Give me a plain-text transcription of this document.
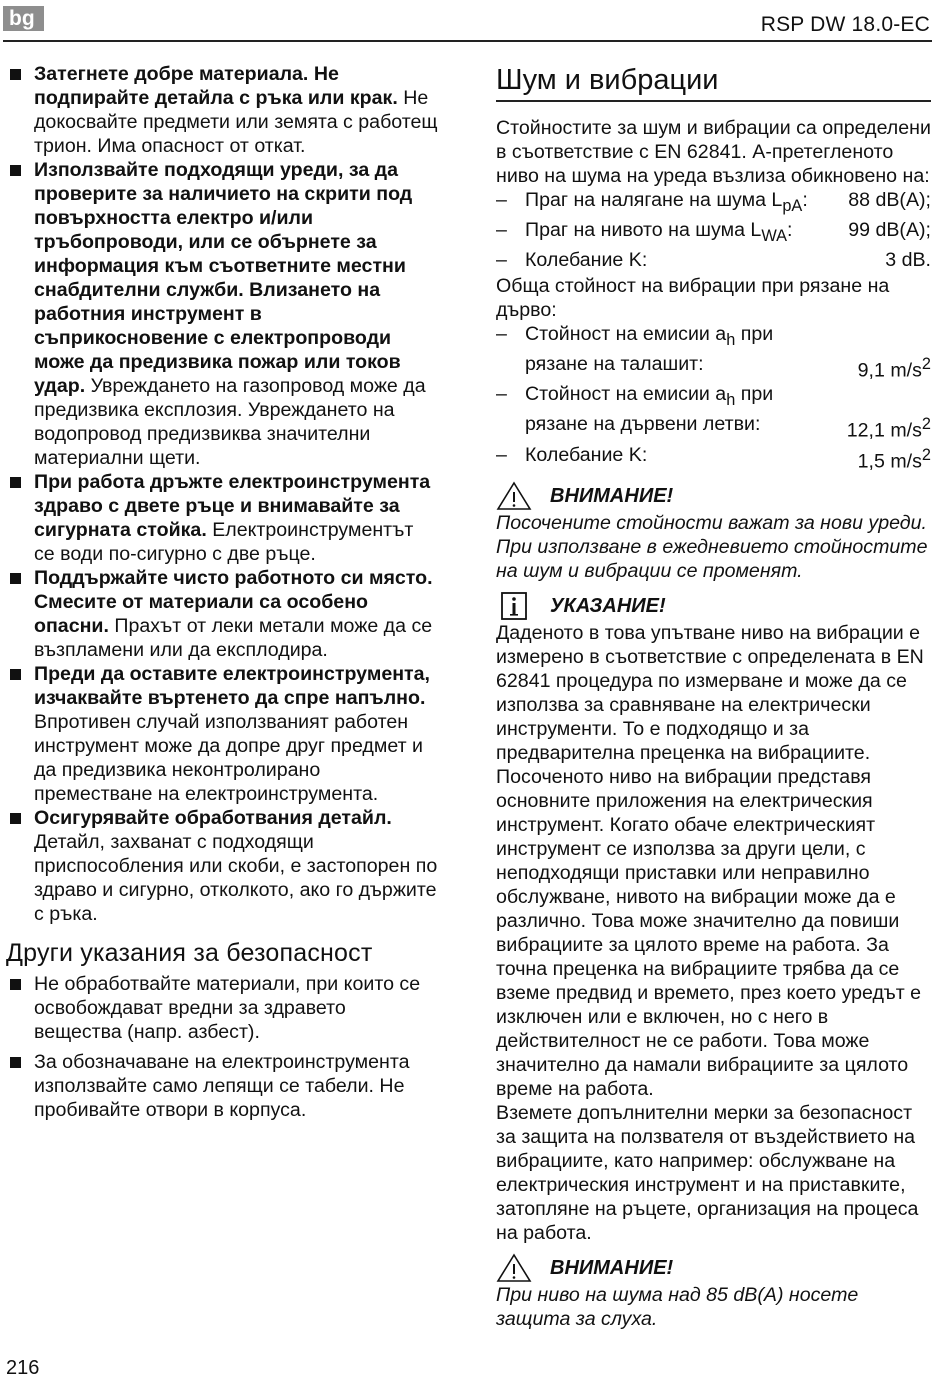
bg	RSP DW 18.0-EC
Затегнете добре материала. Не подпирайте детайла с ръка или крак. Не докосвайте предмети или земята с работещ трион. Има опасност от откат.
Използвайте подходящи уреди, за да проверите за наличието на скрити под повърхността електро и/или тръбопроводи, или се обърнете за информация към съответните местни снабдителни служби. Влизането на работния инструмент в съприкосновение с електропроводи може да предизвика пожар или токов удар. Увреждането на газопровод може да предизвика експлозия. Увреждането на водопровод предизвиква значителни материални щети.
При работа дръжте електроинструмента здраво с двете ръце и внимавайте за сигурната стойка. Електроинструментът се води по-сигурно с две ръце.
Поддържайте чисто работното си място. Смесите от материали са особено опасни. Прахът от леки метали може да се възпламени или да експлодира.
Преди да оставите електроинструмента, изчаквайте въртенето да спре напълно. Впротивен случай използваният работен инструмент може да допре друг предмет и да предизвика неконтролирано преместване на електроинструмента.
Осигурявайте обработвания детайл. Детайл, захванат с подходящи приспособления или скоби, е застопорен по здраво и сигурно, отколкото, ако го държите с ръка.
Други указания за безопасност
Не обработвайте материали, при които се освобождават вредни за здравето вещества (напр. азбест).
За обозначаване на електроинструмента използвайте само лепящи се табели. Не пробивайте отвори в корпуса.
Шум и вибрации
Стойностите за шум и вибрации са определени в съответствие с EN 62841. А-претегленото ниво на шума на уреда възлиза обикновено на:
– Праг на налягане на шума $L_{pA}$: 88 dB(A);
– Праг на нивото на шума $L_{WA}$:	99 dB(A);
– Колебание K:	3 dB.
Обща стойност на вибрации при рязане на дърво:
– Стойност на емисии $a_h$ при
рязане на талашит:	9,1 $m/s^2$
– Стойност на емисии $a_h$ при
рязане на дървени летви:	12,1 $m/s^2$
– Колебание K:	1,5 $m/s^2$
ВНИМАНИЕ!
Посочените стойности важат за нови уреди. При използване в ежедневието стойностите на шум и вибрации се променят.
УКАЗАНИЕ!
Даденото в това упътване ниво на вибрации е измерено в съответствие с определената в EN 62841 процедура по измерване и може да се използва за сравняване на електрически инструменти. То е подходящо и за предварителна преценка на вибрациите. Посоченото ниво на вибрации представя основните приложения на електрическия инструмент. Когато обаче електрическият инструмент се използва за други цели, с неподходящи приставки или неправилно обслужване, нивото на вибрации може да е различно. Това може значително да повиши вибрациите за цялото време на работа. За точна преценка на вибрациите трябва да се вземе предвид и времето, през което уредът е изключен или е включен, но с него в действителност не се работи. Това може значително да намали вибрациите за цялото време на работа.
Вземете допълнителни мерки за безопасност за защита на ползвателя от въздействието на вибрациите, като например: обслужване на електрическия инструмент и на приставките, затопляне на ръцете, организация на процеса на работа.
ВНИМАНИЕ!
При ниво на шума над 85 dB(A) носете защита за слуха.
216
